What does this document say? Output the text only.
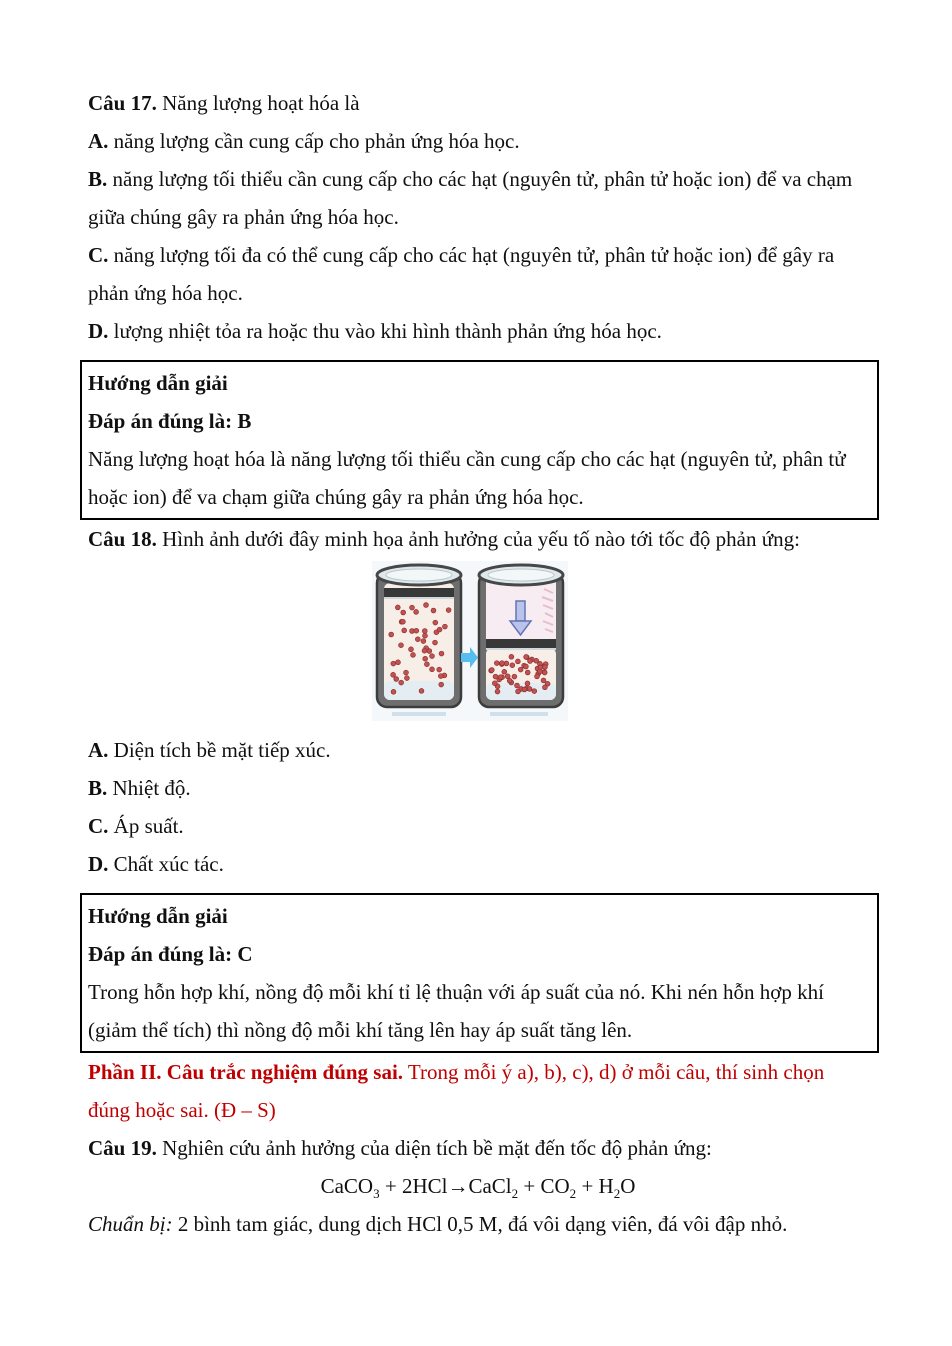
Câu 17. Năng lượng hoạt hóa là

A. năng lượng cần cung cấp cho phản ứng hóa học.

B. năng lượng tối thiểu cần cung cấp cho các hạt (nguyên tử, phân tử hoặc ion) để va chạm giữa chúng gây ra phản ứng hóa học.

C. năng lượng tối đa có thể cung cấp cho các hạt (nguyên tử, phân tử hoặc ion) để gây ra phản ứng hóa học.

D. lượng nhiệt tỏa ra hoặc thu vào khi hình thành phản ứng hóa học.

Hướng dẫn giải

Đáp án đúng là: B

Năng lượng hoạt hóa là năng lượng tối thiểu cần cung cấp cho các hạt (nguyên tử, phân tử hoặc ion) để va chạm giữa chúng gây ra phản ứng hóa học.

Câu 18. Hình ảnh dưới đây minh họa ảnh hưởng của yếu tố nào tới tốc độ phản ứng:

A. Diện tích bề mặt tiếp xúc.

B. Nhiệt độ.

C. Áp suất.

D. Chất xúc tác.

Hướng dẫn giải

Đáp án đúng là: C

Trong hỗn hợp khí, nồng độ mỗi khí tỉ lệ thuận với áp suất của nó. Khi nén hỗn hợp khí (giảm thể tích) thì nồng độ mỗi khí tăng lên hay áp suất tăng lên.

Phần II. Câu trắc nghiệm đúng sai. Trong mỗi ý a), b), c), d) ở mỗi câu, thí sinh chọn đúng hoặc sai. (Đ – S)

Câu 19. Nghiên cứu ảnh hưởng của diện tích bề mặt đến tốc độ phản ứng:

CaCO$_3$ + 2HCl→CaCl$_2$ + $CO_2 + H_2O$

Chuẩn bị: 2 bình tam giác, dung dịch HCl 0,5 M, đá vôi dạng viên, đá vôi đập nhỏ.
